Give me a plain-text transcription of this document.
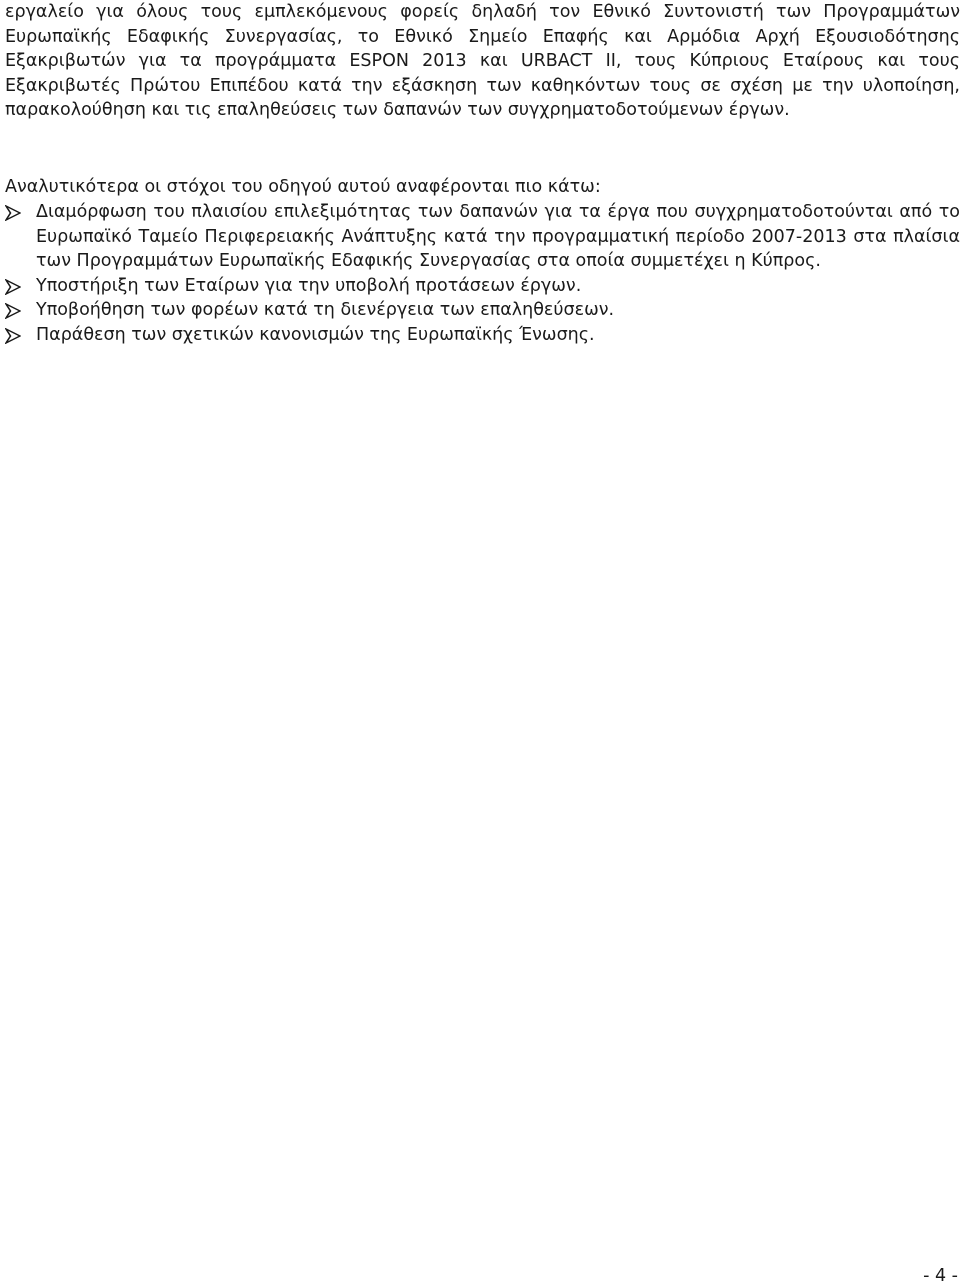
εργαλείο για όλους τους εμπλεκόμενους φορείς δηλαδή τον Εθνικό Συντονιστή των Προγραμμάτων Ευρωπαϊκής Εδαφικής Συνεργασίας, το Εθνικό Σημείο Επαφής και Αρμόδια Αρχή Εξουσιοδότησης Εξακριβωτών για τα προγράμματα ESPON 2013 και URBACT II, τους Κύπριους Εταίρους και τους Εξακριβωτές Πρώτου Επιπέδου κατά την εξάσκηση των καθηκόντων τους σε σχέση με την υλοποίηση, παρακολούθηση και τις επαληθεύσεις των δαπανών των συγχρηματοδοτούμενων έργων.

Αναλυτικότερα οι στόχοι του οδηγού αυτού αναφέρονται πιο κάτω:

Διαμόρφωση του πλαισίου επιλεξιμότητας των δαπανών για τα έργα που συγχρηματοδοτούνται από το Ευρωπαϊκό Ταμείο Περιφερειακής Ανάπτυξης κατά την προγραμματική περίοδο 2007-2013 στα πλαίσια των Προγραμμάτων Ευρωπαϊκής Εδαφικής Συνεργασίας στα οποία συμμετέχει η Κύπρος.
Υποστήριξη των Εταίρων για την υποβολή προτάσεων έργων.
Υποβοήθηση των φορέων κατά τη διενέργεια των επαληθεύσεων.
Παράθεση των σχετικών κανονισμών της Ευρωπαϊκής Ένωσης.
- 4 -
